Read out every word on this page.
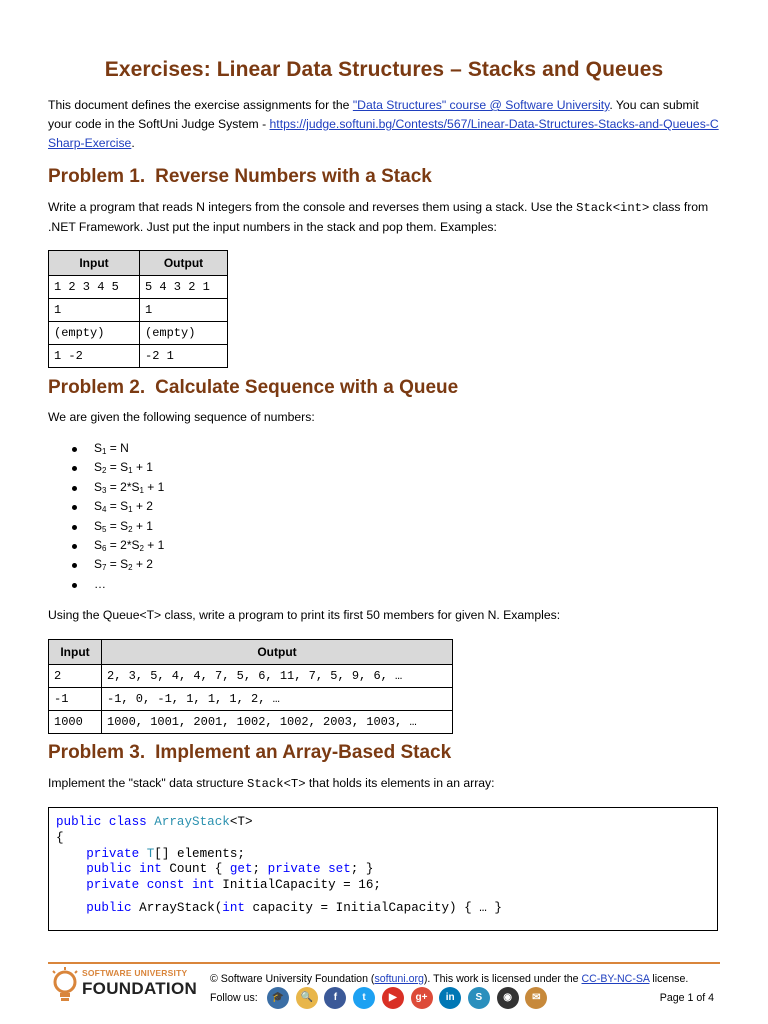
Exercises: Linear Data Structures – Stacks and Queues
This document defines the exercise assignments for the "Data Structures" course @ Software University. You can submit your code in the SoftUni Judge System - https://judge.softuni.bg/Contests/567/Linear-Data-Structures-Stacks-and-Queues-CSharp-Exercise.
Problem 1. Reverse Numbers with a Stack
Write a program that reads N integers from the console and reverses them using a stack. Use the Stack<int> class from .NET Framework. Just put the input numbers in the stack and pop them. Examples:
Input	Output
1 2 3 4 5	5 4 3 2 1
1	1
(empty)	(empty)
1 -2	-2 1
Problem 2. Calculate Sequence with a Queue
We are given the following sequence of numbers:
$S_1 = N$
$S_2 = S_1 + 1$
$S_3 = 2*S_1 + 1$
$S_4 = S_1 + 2$
$S_5 = S_2 + 1$
$S_6 = 2*S_2 + 1$
$S_7 = S_2 + 2$
…
Using the Queue<T> class, write a program to print its first 50 members for given N. Examples:
Input	Output
2	2, 3, 5, 4, 4, 7, 5, 6, 11, 7, 5, 9, 6, …
-1	-1, 0, -1, 1, 1, 1, 2, …
1000	1000, 1001, 2001, 1002, 1002, 2003, 1003, …
Problem 3. Implement an Array-Based Stack
Implement the "stack" data structure Stack<T> that holds its elements in an array:
public class ArrayStack<T>
{
private T[] elements;
public int Count { get; private set; }
private const int InitialCapacity = 16;
public ArrayStack(int capacity = InitialCapacity) { … }
SOFTWARE UNIVERSITY
FOUNDATION © Software University Foundation (softuni.org). This work is licensed under the CC-BY-NC-SA license.
Follow us:	🎓	🔍	f	t	▶	g+	in	S	◉	✉	Page 1 of 4
